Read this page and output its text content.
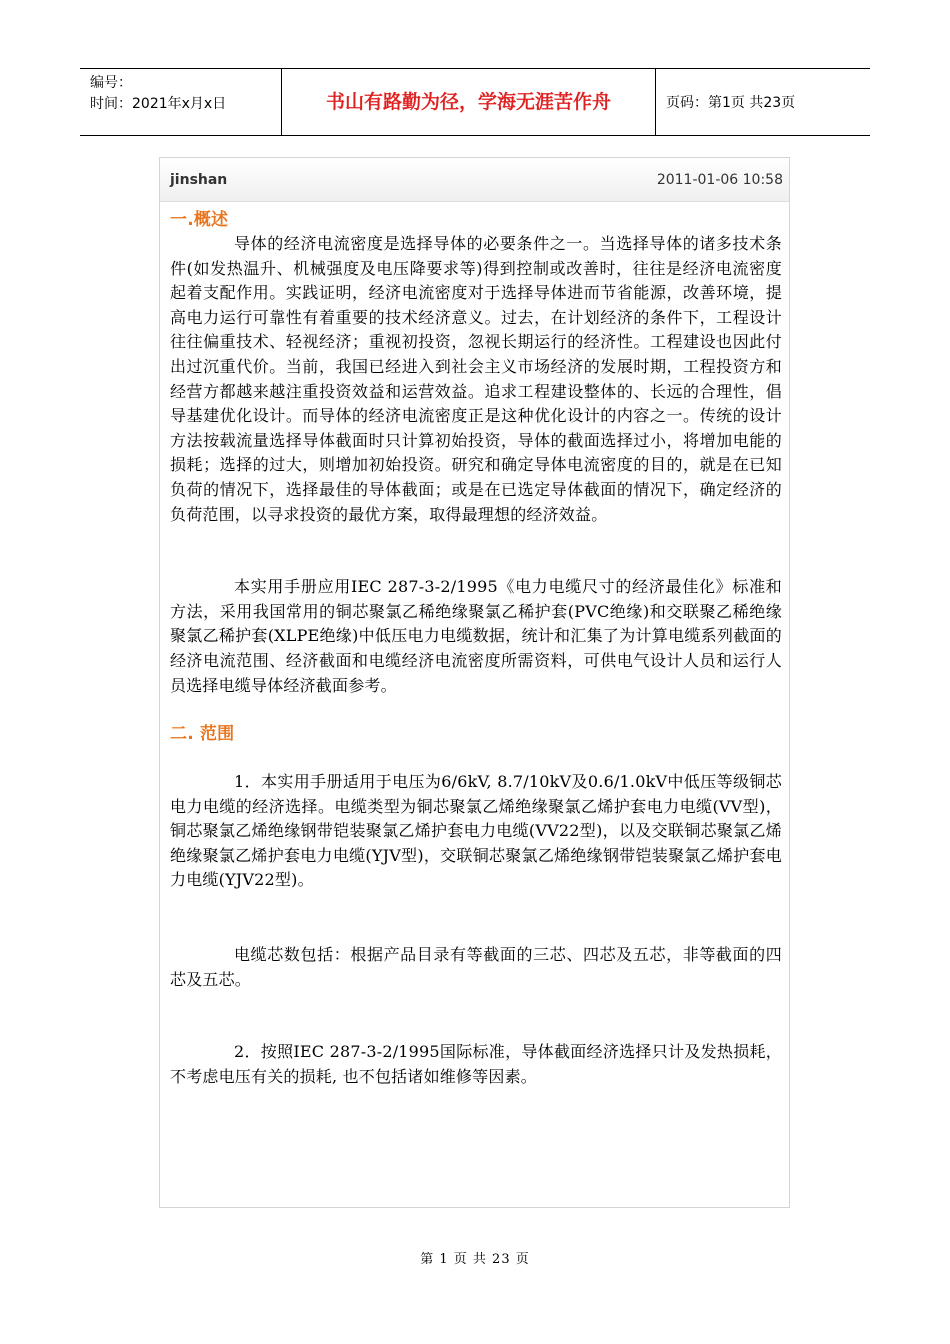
编号：
时间：2021年x月x日	书山有路勤为径，学海无涯苦作舟	页码：第1页 共23页
jinshan	2011-01-06 10:58
一.概述

导体的经济电流密度是选择导体的必要条件之一。当选择导体的诸多技术条件(如发热温升、机械强度及电压降要求等)得到控制或改善时，往往是经济电流密度起着支配作用。实践证明，经济电流密度对于选择导体进而节省能源，改善环境，提高电力运行可靠性有着重要的技术经济意义。过去，在计划经济的条件下，工程设计往往偏重技术、轻视经济；重视初投资，忽视长期运行的经济性。工程建设也因此付出过沉重代价。当前，我国已经进入到社会主义市场经济的发展时期，工程投资方和经营方都越来越注重投资效益和运营效益。追求工程建设整体的、长远的合理性，倡导基建优化设计。而导体的经济电流密度正是这种优化设计的内容之一。传统的设计方法按载流量选择导体截面时只计算初始投资，导体的截面选择过小，将增加电能的损耗；选择的过大，则增加初始投资。研究和确定导体电流密度的目的，就是在已知负荷的情况下，选择最佳的导体截面；或是在已选定导体截面的情况下，确定经济的负荷范围，以寻求投资的最优方案，取得最理想的经济效益。

本实用手册应用IEC 287-3-2/1995《电力电缆尺寸的经济最佳化》标准和方法，采用我国常用的铜芯聚氯乙稀绝缘聚氯乙稀护套(PVC绝缘)和交联聚乙稀绝缘聚氯乙稀护套(XLPE绝缘)中低压电力电缆数据，统计和汇集了为计算电缆系列截面的经济电流范围、经济截面和电缆经济电流密度所需资料，可供电气设计人员和运行人员选择电缆导体经济截面参考。

二. 范围

1．本实用手册适用于电压为6/6kV, 8.7/10kV及0.6/1.0kV中低压等级铜芯电力电缆的经济选择。电缆类型为铜芯聚氯乙烯绝缘聚氯乙烯护套电力电缆(VV型)，铜芯聚氯乙烯绝缘钢带铠装聚氯乙烯护套电力电缆(VV22型)，以及交联铜芯聚氯乙烯绝缘聚氯乙烯护套电力电缆(YJV型)，交联铜芯聚氯乙烯绝缘钢带铠装聚氯乙烯护套电力电缆(YJV22型)。

电缆芯数包括：根据产品目录有等截面的三芯、四芯及五芯，非等截面的四芯及五芯。

2．按照IEC 287-3-2/1995国际标准，导体截面经济选择只计及发热损耗，不考虑电压有关的损耗, 也不包括诸如维修等因素。

第 1 页 共 23 页
